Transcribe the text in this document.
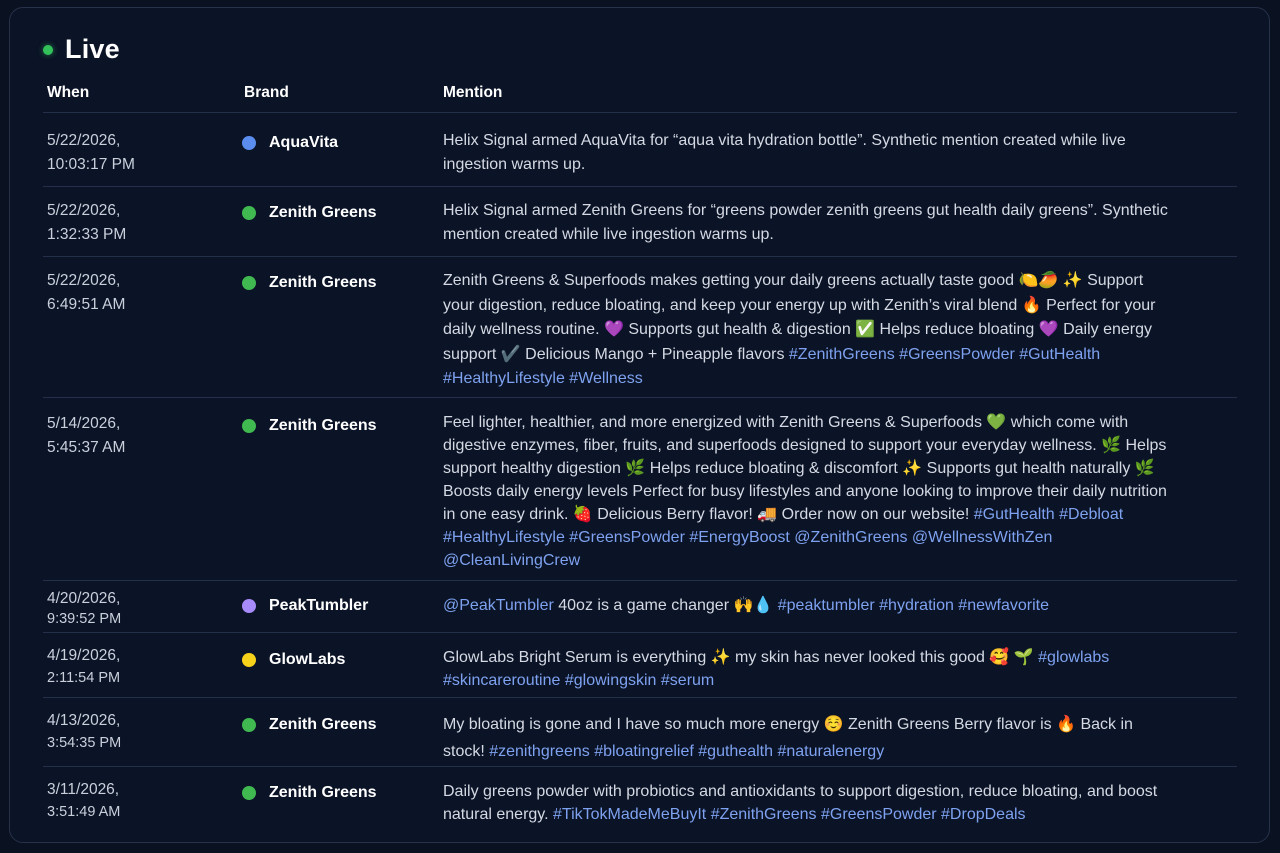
Live
When	Brand	Mention
5/22/2026,
10:03:17 PM
AquaVita	Helix Signal armed AquaVita for “aqua vita hydration bottle”. Synthetic mention created while live ingestion warms up.
5/22/2026,
1:32:33 PM
Zenith Greens	Helix Signal armed Zenith Greens for “greens powder zenith greens gut health daily greens”. Synthetic mention created while live ingestion warms up.
5/22/2026,
6:49:51 AM
Zenith Greens	Zenith Greens & Superfoods makes getting your daily greens actually taste good 🍋🥭 ✨ Support your digestion, reduce bloating, and keep your energy up with Zenith’s viral blend 🔥 Perfect for your daily wellness routine. 💜 Supports gut health & digestion ✅ Helps reduce bloating 💜 Daily energy support ✔️ Delicious Mango + Pineapple flavors #ZenithGreens #GreensPowder #GutHealth #HealthyLifestyle #Wellness
5/14/2026,
5:45:37 AM
Zenith Greens	Feel lighter, healthier, and more energized with Zenith Greens & Superfoods 💚 which come with digestive enzymes, fiber, fruits, and superfoods designed to support your everyday wellness. 🌿 Helps support healthy digestion 🌿 Helps reduce bloating & discomfort ✨ Supports gut health naturally 🌿 Boosts daily energy levels Perfect for busy lifestyles and anyone looking to improve their daily nutrition in one easy drink. 🍓 Delicious Berry flavor! 🚚 Order now on our website! #GutHealth #Debloat #HealthyLifestyle #GreensPowder #EnergyBoost @ZenithGreens @WellnessWithZen @CleanLivingCrew
4/20/2026,
9:39:52 PM
PeakTumbler	@PeakTumbler 40oz is a game changer 🙌💧 #peaktumbler #hydration #newfavorite
4/19/2026,
2:11:54 PM
GlowLabs	GlowLabs Bright Serum is everything ✨ my skin has never looked this good 🥰 🌱 #glowlabs #skincareroutine #glowingskin #serum
4/13/2026,
3:54:35 PM
Zenith Greens	My bloating is gone and I have so much more energy ☺️ Zenith Greens Berry flavor is 🔥 Back in stock! #zenithgreens #bloatingrelief #guthealth #naturalenergy
3/11/2026,
3:51:49 AM
Zenith Greens	Daily greens powder with probiotics and antioxidants to support digestion, reduce bloating, and boost natural energy. #TikTokMadeMeBuyIt #ZenithGreens #GreensPowder #DropDeals
